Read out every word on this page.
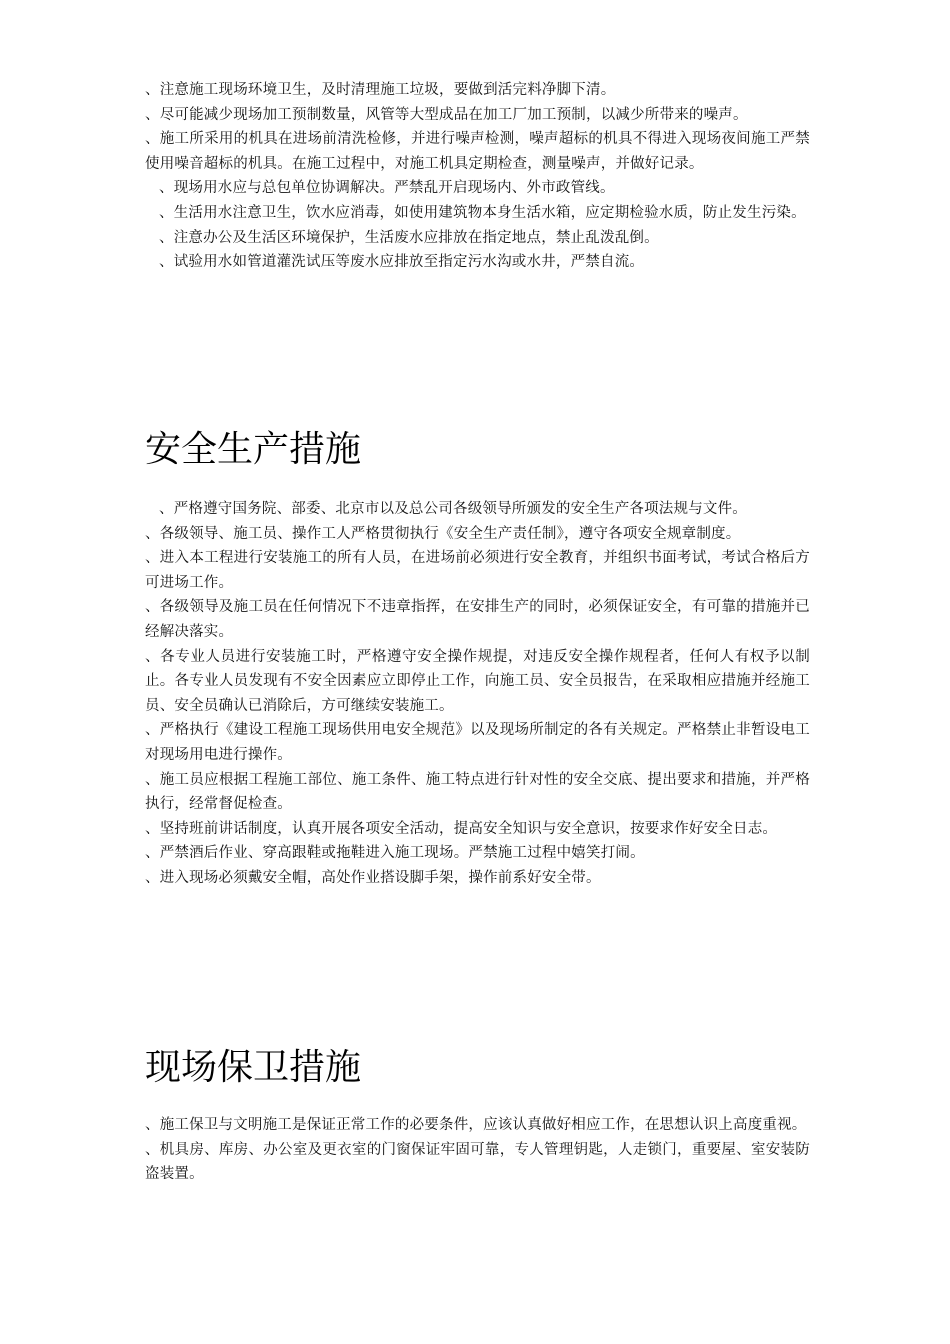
、注意施工现场环境卫生，及时清理施工垃圾，要做到活完料净脚下清。

、尽可能减少现场加工预制数量，风管等大型成品在加工厂加工预制，以减少所带来的噪声。

、施工所采用的机具在进场前清洗检修，并进行噪声检测，噪声超标的机具不得进入现场夜间施工严禁使用噪音超标的机具。在施工过程中，对施工机具定期检查，测量噪声，并做好记录。

、现场用水应与总包单位协调解决。严禁乱开启现场内、外市政管线。

、生活用水注意卫生，饮水应消毒，如使用建筑物本身生活水箱，应定期检验水质，防止发生污染。

、注意办公及生活区环境保护，生活废水应排放在指定地点，禁止乱泼乱倒。

、试验用水如管道灌洗试压等废水应排放至指定污水沟或水井，严禁自流。

安全生产措施

、严格遵守国务院、部委、北京市以及总公司各级领导所颁发的安全生产各项法规与文件。

、各级领导、施工员、操作工人严格贯彻执行《安全生产责任制》，遵守各项安全规章制度。

、进入本工程进行安装施工的所有人员，在进场前必须进行安全教育，并组织书面考试，考试合格后方可进场工作。

、各级领导及施工员在任何情况下不违章指挥，在安排生产的同时，必须保证安全，有可靠的措施并已经解决落实。

、各专业人员进行安装施工时，严格遵守安全操作规提，对违反安全操作规程者，任何人有权予以制止。各专业人员发现有不安全因素应立即停止工作，向施工员、安全员报告，在采取相应措施并经施工员、安全员确认已消除后，方可继续安装施工。

、严格执行《建设工程施工现场供用电安全规范》以及现场所制定的各有关规定。严格禁止非暂设电工对现场用电进行操作。

、施工员应根据工程施工部位、施工条件、施工特点进行针对性的安全交底、提出要求和措施，并严格执行，经常督促检查。

、坚持班前讲话制度，认真开展各项安全活动，提高安全知识与安全意识，按要求作好安全日志。

、严禁酒后作业、穿高跟鞋或拖鞋进入施工现场。严禁施工过程中嬉笑打闹。

、进入现场必须戴安全帽，高处作业搭设脚手架，操作前系好安全带。

现场保卫措施

、施工保卫与文明施工是保证正常工作的必要条件，应该认真做好相应工作，在思想认识上高度重视。

、机具房、库房、办公室及更衣室的门窗保证牢固可靠，专人管理钥匙，人走锁门，重要屋、室安装防盗装置。
